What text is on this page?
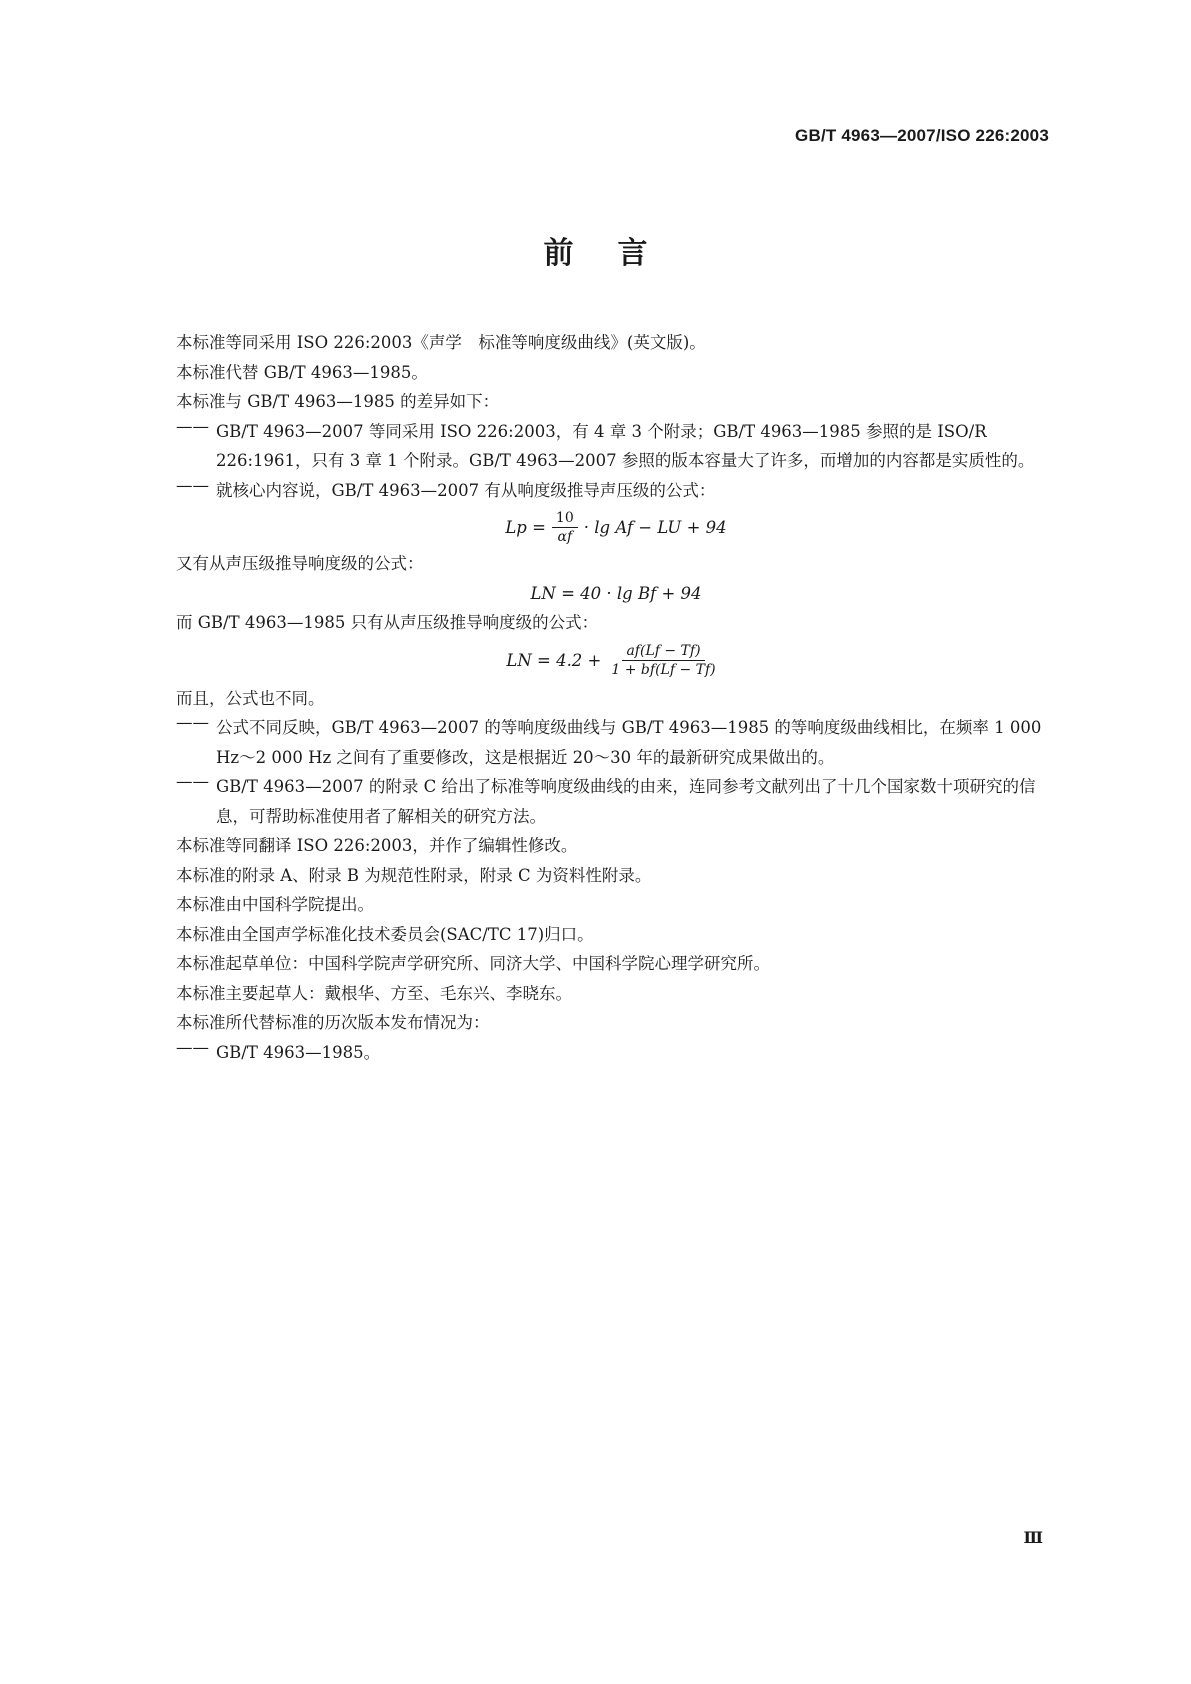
GB/T 4963—2007/ISO 226:2003
前言
本标准等同采用 ISO 226:2003《声学　标准等响度级曲线》(英文版)。
本标准代替 GB/T 4963—1985。
本标准与 GB/T 4963—1985 的差异如下：
—— GB/T 4963—2007 等同采用 ISO 226:2003，有 4 章 3 个附录；GB/T 4963—1985 参照的是 ISO/R 226:1961，只有 3 章 1 个附录。GB/T 4963—2007 参照的版本容量大了许多，而增加的内容都是实质性的。
—— 就核心内容说，GB/T 4963—2007 有从响度级推导声压级的公式：
$Lp = \frac{10}{\alpha f} \cdot \lg Af$ − LU + 94
又有从声压级推导响度级的公式：
LN = 40 · lg Bf + 94
而 GB/T 4963—1985 只有从声压级推导响度级的公式：
LN = $4.2 + \frac{af(Lf - Tf)}{1 + bf(Lf - Tf)}$
而且，公式也不同。
—— 公式不同反映，GB/T 4963—2007 的等响度级曲线与 GB/T 4963—1985 的等响度级曲线相比，在频率 1 000 Hz～2 000 Hz 之间有了重要修改，这是根据近 20～30 年的最新研究成果做出的。
—— GB/T 4963—2007 的附录 C 给出了标准等响度级曲线的由来，连同参考文献列出了十几个国家数十项研究的信息，可帮助标准使用者了解相关的研究方法。
本标准等同翻译 ISO 226:2003，并作了编辑性修改。
本标准的附录 A、附录 B 为规范性附录，附录 C 为资料性附录。
本标准由中国科学院提出。
本标准由全国声学标准化技术委员会(SAC/TC 17)归口。
本标准起草单位：中国科学院声学研究所、同济大学、中国科学院心理学研究所。
本标准主要起草人：戴根华、方至、毛东兴、李晓东。
本标准所代替标准的历次版本发布情况为：
—— GB/T 4963—1985。
Ⅲ
